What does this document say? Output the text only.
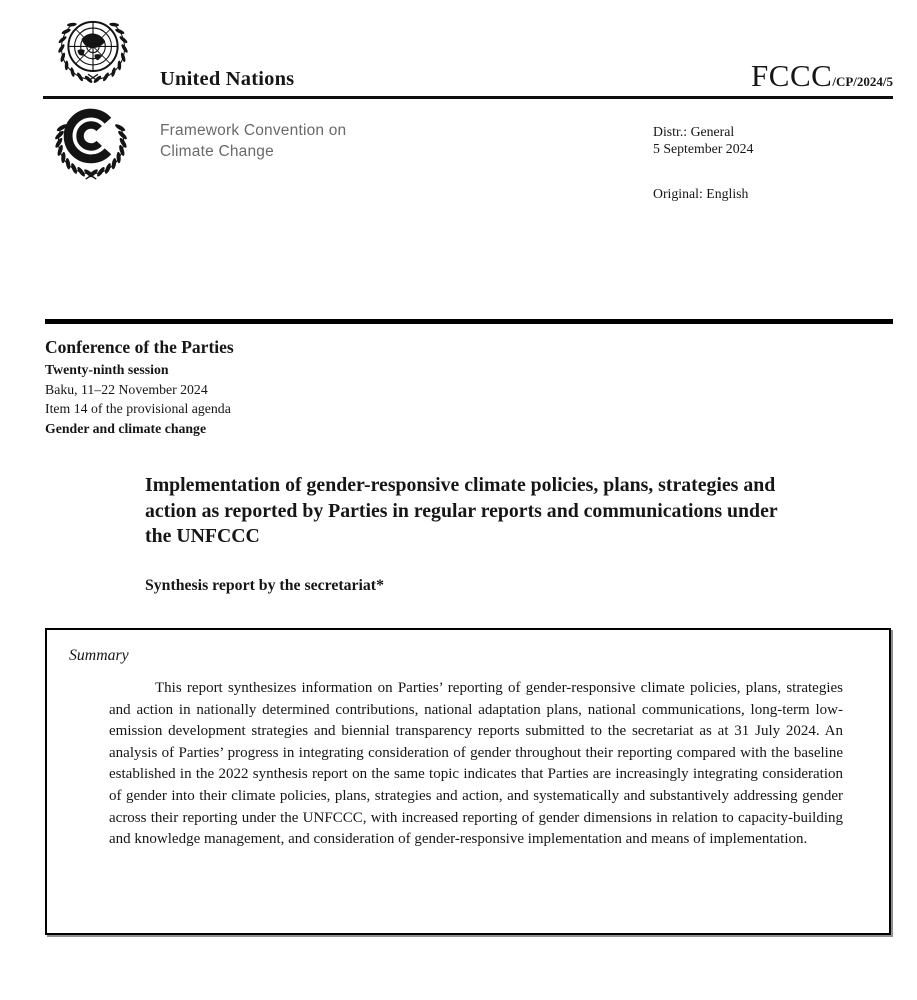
United Nations	FCCC/CP/2024/5
Framework Convention on
Climate Change
Distr.: General
5 September 2024
Original: English
Conference of the Parties
Twenty-ninth session
Baku, 11–22 November 2024
Item 14 of the provisional agenda
Gender and climate change
Implementation of gender-responsive climate policies, plans, strategies and action as reported by Parties in regular reports and communications under the UNFCCC
Synthesis report by the secretariat*
Summary

This report synthesizes information on Parties’ reporting of gender-responsive climate policies, plans, strategies and action in nationally determined contributions, national adaptation plans, national communications, long-term low-emission development strategies and biennial transparency reports submitted to the secretariat as at 31 July 2024. An analysis of Parties’ progress in integrating consideration of gender throughout their reporting compared with the baseline established in the 2022 synthesis report on the same topic indicates that Parties are increasingly integrating consideration of gender into their climate policies, plans, strategies and action, and systematically and substantively addressing gender across their reporting under the UNFCCC, with increased reporting of gender dimensions in relation to capacity-building and knowledge management, and consideration of gender-responsive implementation and means of implementation.
